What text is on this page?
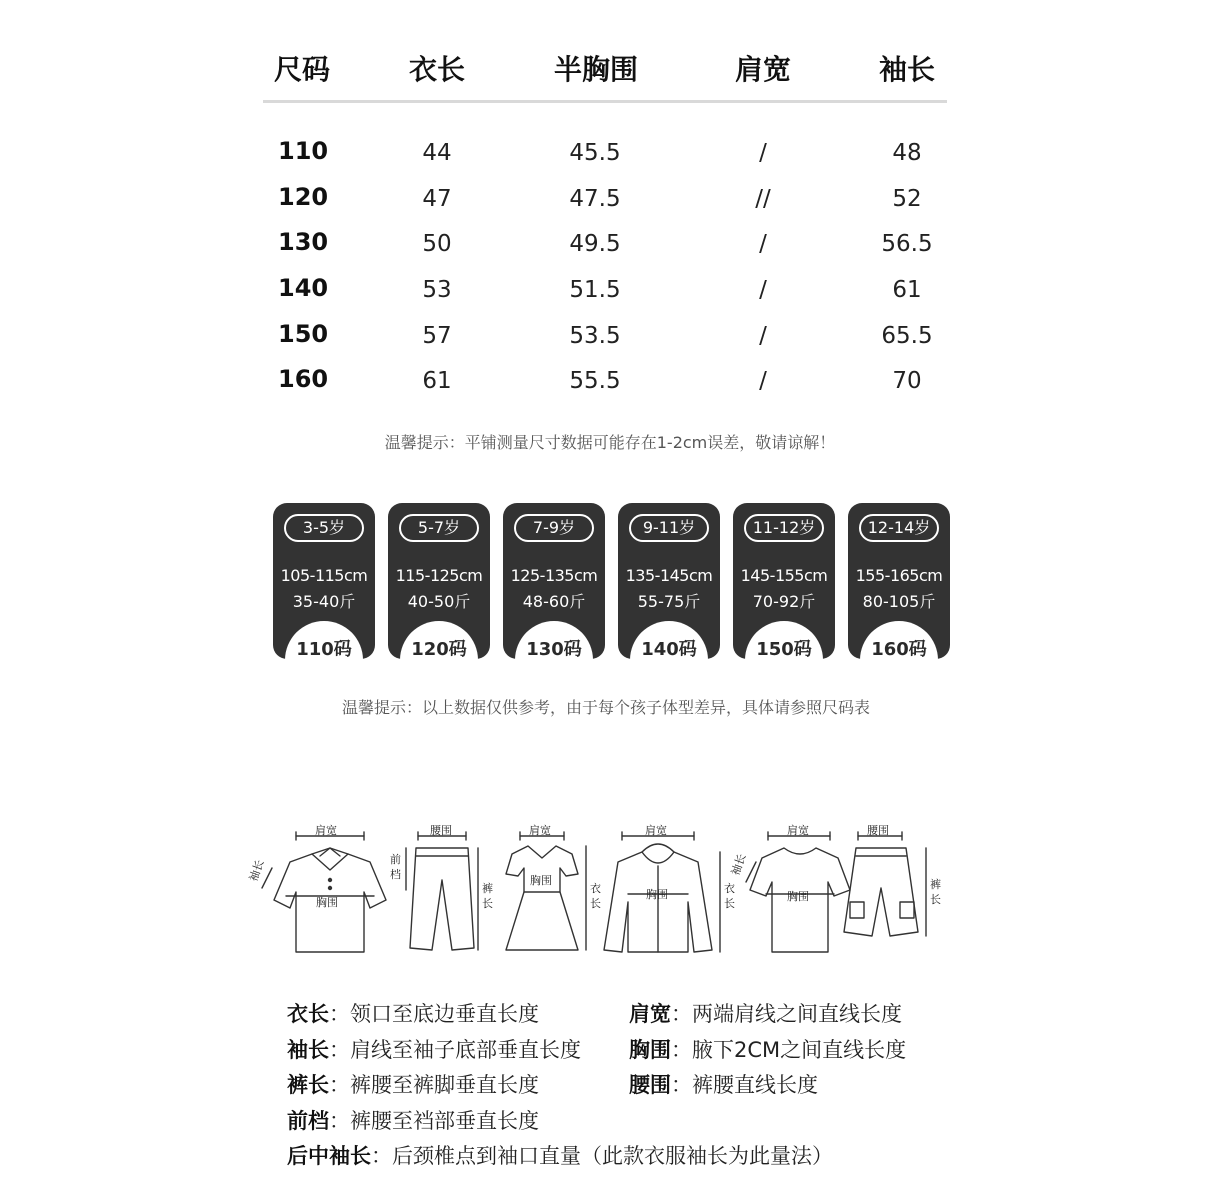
尺码	衣长	半胸围	肩宽	袖长
110	44	45.5	/	48
120	47	47.5	//	52
130	50	49.5	/	56.5
140	53	51.5	/	61
150	57	53.5	/	65.5
160	61	55.5	/	70
温馨提示：平铺测量尺寸数据可能存在1-2cm误差，敬请谅解！
3-5岁
105-115cm
35-40斤
110码
5-7岁
115-125cm
40-50斤
120码
7-9岁
125-135cm
48-60斤
130码
9-11岁
135-145cm
55-75斤
140码
11-12岁
145-155cm
70-92斤
150码
12-14岁
155-165cm
80-105斤
160码
温馨提示：以上数据仅供参考，由于每个孩子体型差异，具体请参照尺码表
肩宽
袖长
胸围
腰围
前
档
裤
长
肩宽
胸围
衣
长
肩宽
胸围	衣
长
肩宽
胸围
袖长
腰围
裤
长
衣长：领口至底边垂直长度	肩宽：两端肩线之间直线长度
袖长：肩线至袖子底部垂直长度 胸围：腋下2CM之间直线长度
裤长：裤腰至裤脚垂直长度	腰围：裤腰直线长度
前档：裤腰至裆部垂直长度
后中袖长：后颈椎点到袖口直量（此款衣服袖长为此量法）
